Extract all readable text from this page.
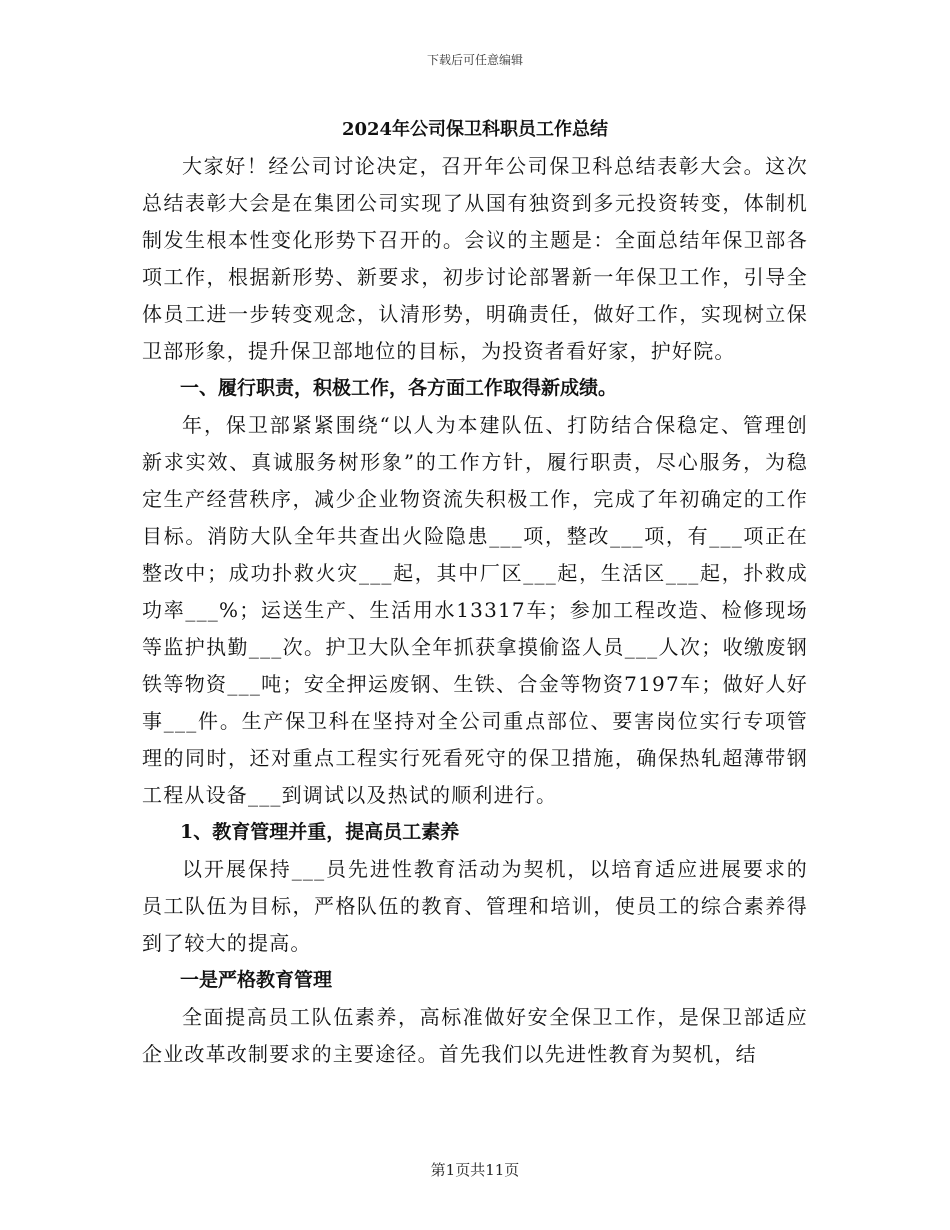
下载后可任意编辑
2024年公司保卫科职员工作总结

大家好！经公司讨论决定，召开年公司保卫科总结表彰大会。这次总结表彰大会是在集团公司实现了从国有独资到多元投资转变，体制机制发生根本性变化形势下召开的。会议的主题是：全面总结年保卫部各项工作，根据新形势、新要求，初步讨论部署新一年保卫工作，引导全体员工进一步转变观念，认清形势，明确责任，做好工作，实现树立保卫部形象，提升保卫部地位的目标，为投资者看好家，护好院。

一、履行职责，积极工作，各方面工作取得新成绩。

年，保卫部紧紧围绕“以人为本建队伍、打防结合保稳定、管理创新求实效、真诚服务树形象”的工作方针，履行职责，尽心服务，为稳定生产经营秩序，减少企业物资流失积极工作，完成了年初确定的工作目标。消防大队全年共查出火险隐患___项，整改___项，有___项正在整改中；成功扑救火灾___起，其中厂区___起，生活区___起，扑救成功率___%；运送生产、生活用水13317车；参加工程改造、检修现场等监护执勤___次。护卫大队全年抓获拿摸偷盗人员___人次；收缴废钢铁等物资___吨；安全押运废钢、生铁、合金等物资7197车；做好人好事___件。生产保卫科在坚持对全公司重点部位、要害岗位实行专项管理的同时，还对重点工程实行死看死守的保卫措施，确保热轧超薄带钢工程从设备___到调试以及热试的顺利进行。

1、教育管理并重，提高员工素养

以开展保持___员先进性教育活动为契机，以培育适应进展要求的员工队伍为目标，严格队伍的教育、管理和培训，使员工的综合素养得到了较大的提高。

一是严格教育管理

全面提高员工队伍素养，高标准做好安全保卫工作，是保卫部适应企业改革改制要求的主要途径。首先我们以先进性教育为契机，结

第1页共11页
